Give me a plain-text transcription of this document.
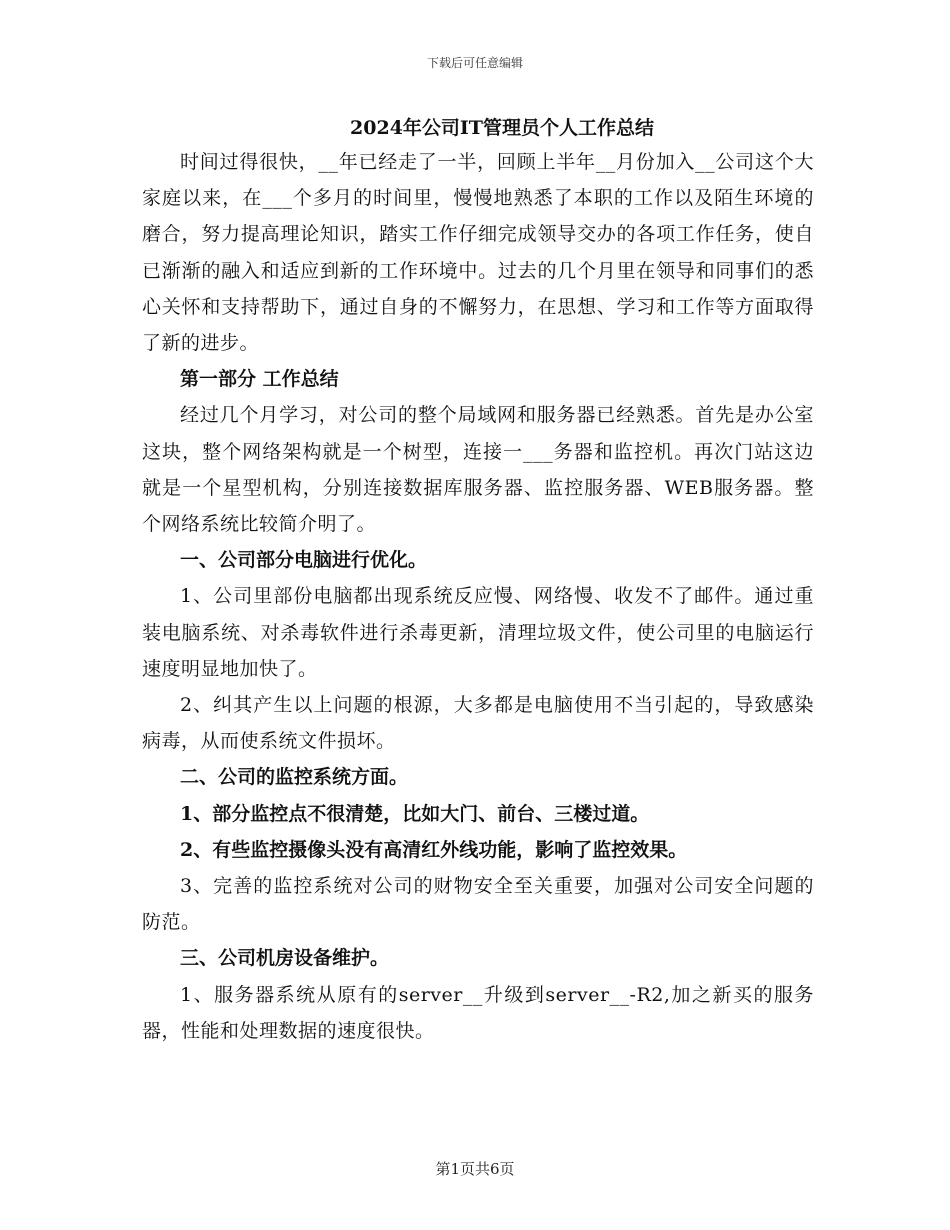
下载后可任意编辑
2024年公司IT管理员个人工作总结

时间过得很快，__年已经走了一半，回顾上半年__月份加入__公司这个大家庭以来，在___个多月的时间里，慢慢地熟悉了本职的工作以及陌生环境的磨合，努力提高理论知识，踏实工作仔细完成领导交办的各项工作任务，使自已渐渐的融入和适应到新的工作环境中。过去的几个月里在领导和同事们的悉心关怀和支持帮助下，通过自身的不懈努力，在思想、学习和工作等方面取得了新的进步。

第一部分 工作总结

经过几个月学习，对公司的整个局域网和服务器已经熟悉。首先是办公室这块，整个网络架构就是一个树型，连接一___务器和监控机。再次门站这边就是一个星型机构，分别连接数据库服务器、监控服务器、WEB服务器。整个网络系统比较简介明了。

一、公司部分电脑进行优化。

1、公司里部份电脑都出现系统反应慢、网络慢、收发不了邮件。通过重装电脑系统、对杀毒软件进行杀毒更新，清理垃圾文件，使公司里的电脑运行速度明显地加快了。

2、纠其产生以上问题的根源，大多都是电脑使用不当引起的，导致感染病毒，从而使系统文件损坏。

二、公司的监控系统方面。

1、部分监控点不很清楚，比如大门、前台、三楼过道。

2、有些监控摄像头没有高清红外线功能，影响了监控效果。

3、完善的监控系统对公司的财物安全至关重要，加强对公司安全问题的防范。

三、公司机房设备维护。

1、服务器系统从原有的server__升级到server__-R2,加之新买的服务器，性能和处理数据的速度很快。

第1页共6页
